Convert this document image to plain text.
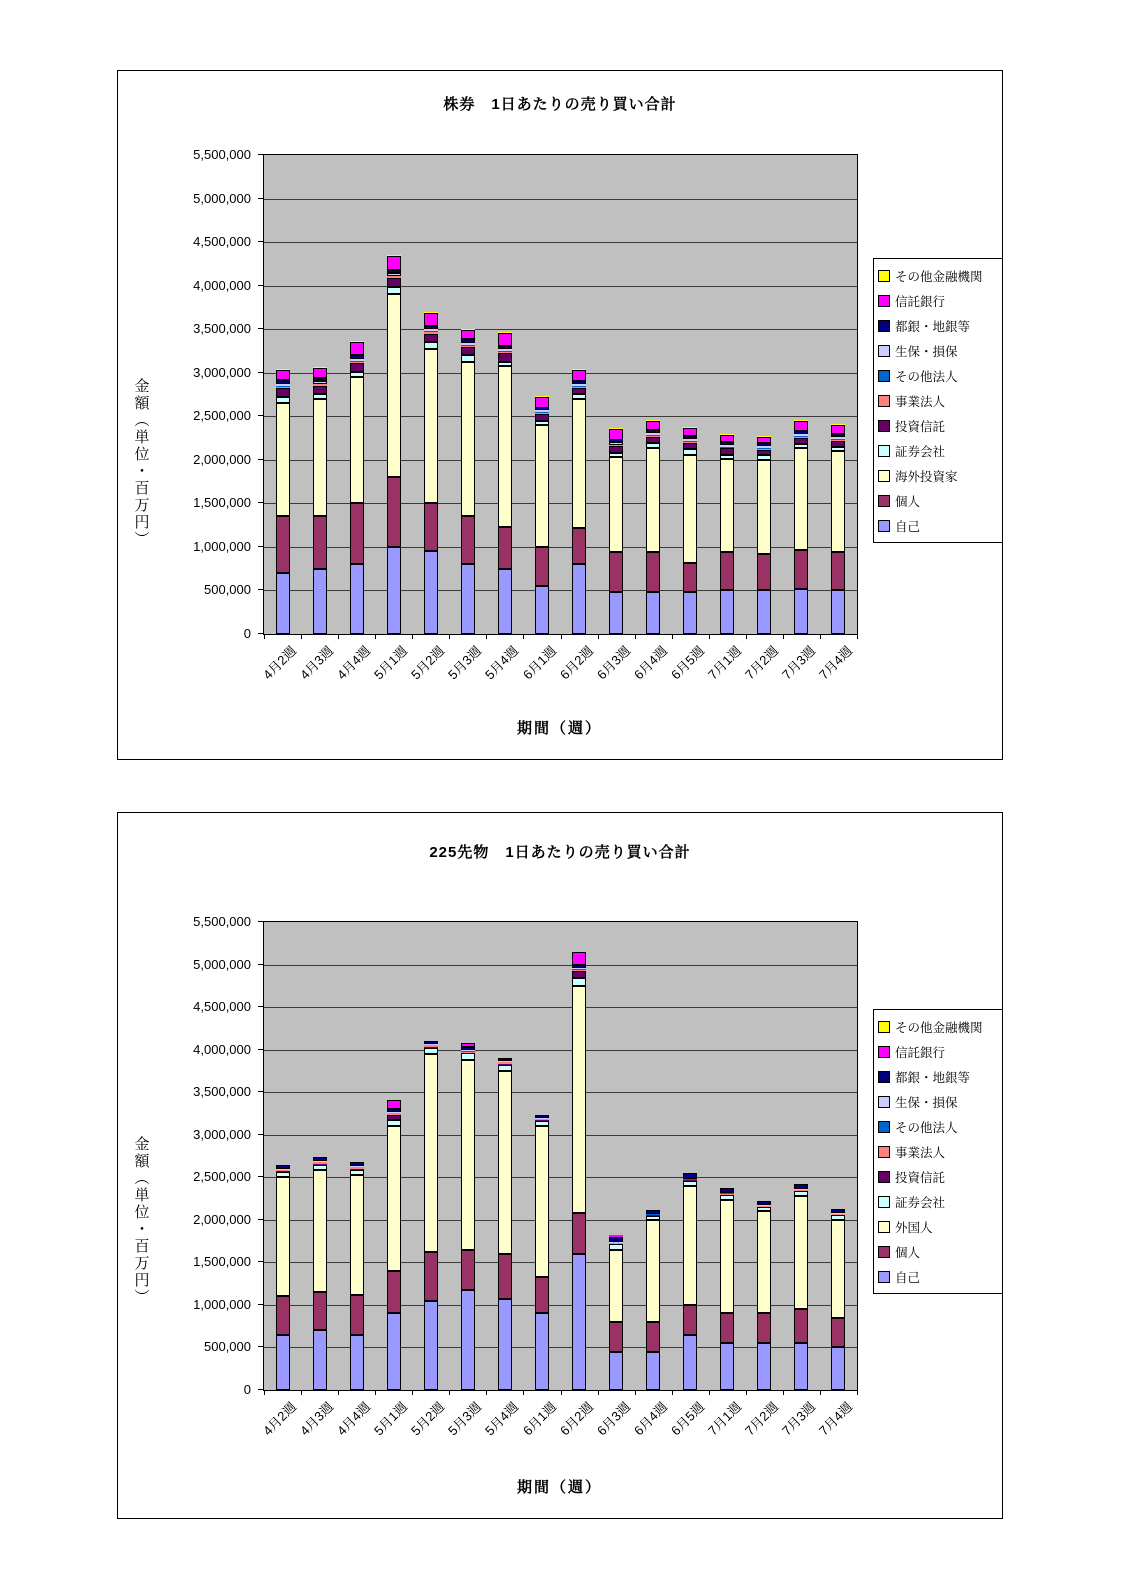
株券　1日あたりの売り買い合計
金額（単位・百万円）
期間（週）
その他金融機関
信託銀行
都銀・地銀等
生保・損保
その他法人
事業法人
投資信託
証券会社
海外投資家
個人
自己
0
500,000
1,000,000
1,500,000
2,000,000
2,500,000
3,000,000
3,500,000
4,000,000
4,500,000
5,000,000
5,500,000
4月2週
4月3週
4月4週
5月1週
5月2週
5月3週
5月4週
6月1週
6月2週
6月3週
6月4週
6月5週
7月1週
7月2週
7月3週
7月4週
225先物　1日あたりの売り買い合計
金額（単位・百万円）
期間（週）
その他金融機関
信託銀行
都銀・地銀等
生保・損保
その他法人
事業法人
投資信託
証券会社
外国人
個人
自己
0
500,000
1,000,000
1,500,000
2,000,000
2,500,000
3,000,000
3,500,000
4,000,000
4,500,000
5,000,000
5,500,000
4月2週
4月3週
4月4週
5月1週
5月2週
5月3週
5月4週
6月1週
6月2週
6月3週
6月4週
6月5週
7月1週
7月2週
7月3週
7月4週
